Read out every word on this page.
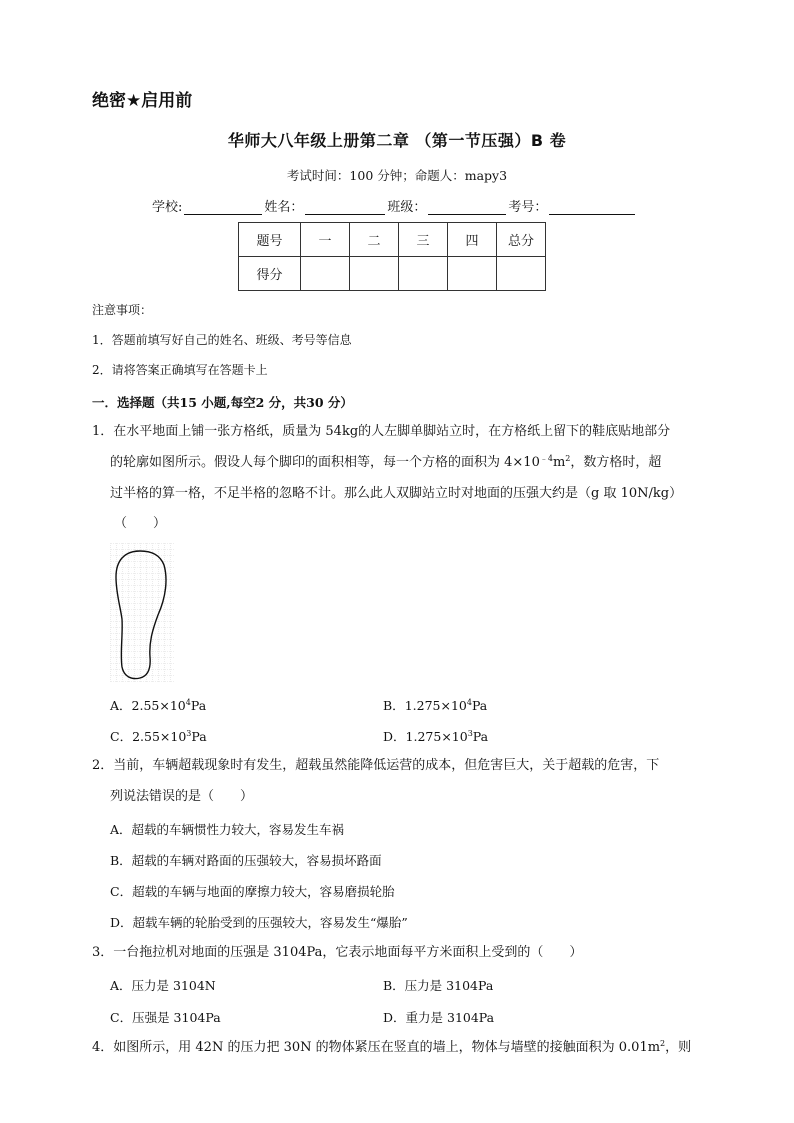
绝密★启用前
华师大八年级上册第二章 （第一节压强）B 卷
考试时间：100 分钟；命题人：mapy3
学校:	姓名：	班级：	考号：
题号	一	二	三	四	总分
得分					
注意事项：
1．答题前填写好自己的姓名、班级、考号等信息
2．请将答案正确填写在答题卡上
一．选择题（共15 小题,每空2 分，共30 分）
1．在水平地面上铺一张方格纸，质量为 54kg的人左脚单脚站立时，在方格纸上留下的鞋底贴地部分
的轮廓如图所示。假设人每个脚印的面积相等，每一个方格的面积为 $4\times 10^{﹣4}m^2$，数方格时，超
过半格的算一格，不足半格的忽略不计。那么此人双脚站立时对地面的压强大约是（g 取 10N/kg）
（　　）
A．$2.55\times 10^4Pa$	B．$1.275\times 10^4Pa$
C．$2.55\times 10^3Pa$	D．$1.275\times 10^3Pa$
2．当前，车辆超载现象时有发生，超载虽然能降低运营的成本，但危害巨大，关于超载的危害，下
列说法错误的是（　　）
A．超载的车辆惯性力较大，容易发生车祸
B．超载的车辆对路面的压强较大，容易损坏路面
C．超载的车辆与地面的摩擦力较大，容易磨损轮胎
D．超载车辆的轮胎受到的压强较大，容易发生“爆胎”
3．一台拖拉机对地面的压强是 3104Pa，它表示地面每平方米面积上受到的（　　）
A．压力是 3104N	B．压力是 3104Pa
C．压强是 3104Pa	D．重力是 3104Pa
4．如图所示，用 42N 的压力把 30N 的物体紧压在竖直的墙上，物体与墙壁的接触面积为 $0.01m^2$，则
